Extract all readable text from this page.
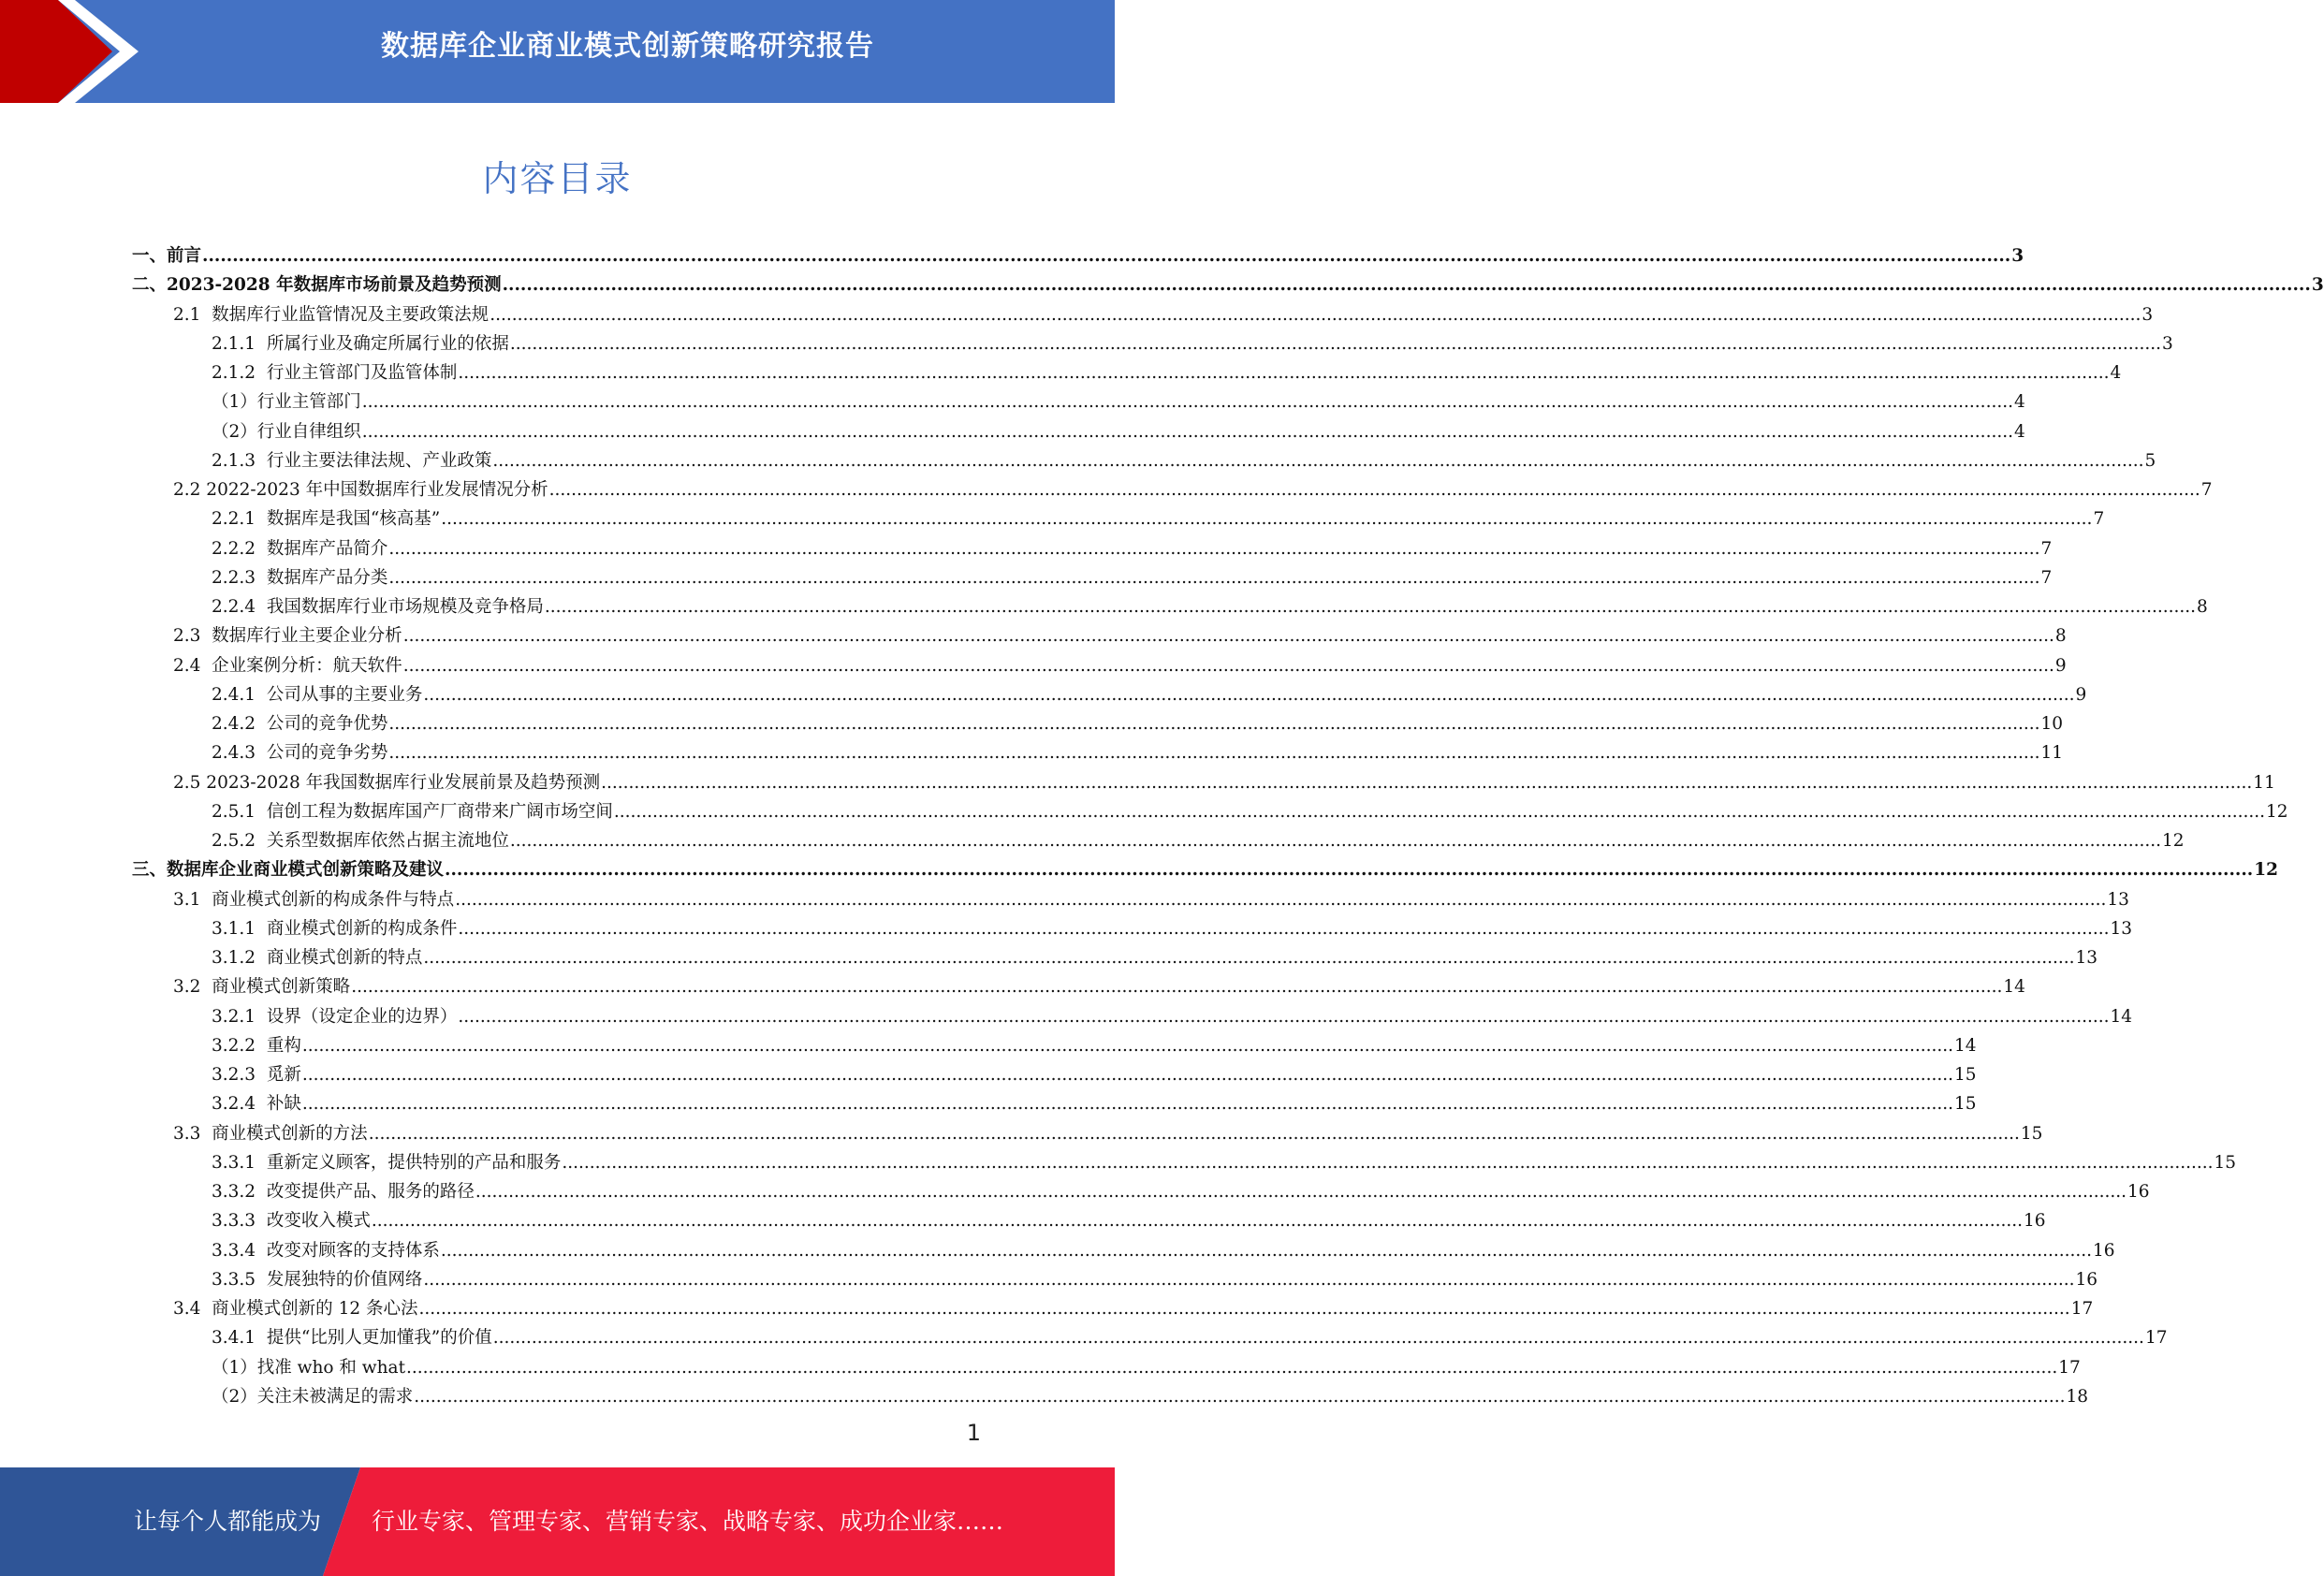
数据库企业商业模式创新策略研究报告
内容目录
一、前言 ............................................................................................................................................................................................................................................................................................................ 3
二、2023-2028 年数据库市场前景及趋势预测 ............................................................................................................................................................................................................................................................................................................ 3
2.1  数据库行业监管情况及主要政策法规 ............................................................................................................................................................................................................................................................................................................ 3
2.1.1  所属行业及确定所属行业的依据 ............................................................................................................................................................................................................................................................................................................ 3
2.1.2  行业主管部门及监管体制 ............................................................................................................................................................................................................................................................................................................ 4
（1）行业主管部门 ............................................................................................................................................................................................................................................................................................................ 4
（2）行业自律组织 ............................................................................................................................................................................................................................................................................................................ 4
2.1.3  行业主要法律法规、产业政策 ............................................................................................................................................................................................................................................................................................................ 5
2.2 2022-2023 年中国数据库行业发展情况分析 ............................................................................................................................................................................................................................................................................................................ 7
2.2.1  数据库是我国“核高基” ............................................................................................................................................................................................................................................................................................................ 7
2.2.2  数据库产品简介 ............................................................................................................................................................................................................................................................................................................ 7
2.2.3  数据库产品分类 ............................................................................................................................................................................................................................................................................................................ 7
2.2.4  我国数据库行业市场规模及竞争格局 ............................................................................................................................................................................................................................................................................................................ 8
2.3  数据库行业主要企业分析 ............................................................................................................................................................................................................................................................................................................ 8
2.4  企业案例分析：航天软件 ............................................................................................................................................................................................................................................................................................................ 9
2.4.1  公司从事的主要业务 ............................................................................................................................................................................................................................................................................................................ 9
2.4.2  公司的竞争优势 ............................................................................................................................................................................................................................................................................................................ 10
2.4.3  公司的竞争劣势 ............................................................................................................................................................................................................................................................................................................ 11
2.5 2023-2028 年我国数据库行业发展前景及趋势预测 ............................................................................................................................................................................................................................................................................................................ 11
2.5.1  信创工程为数据库国产厂商带来广阔市场空间 ............................................................................................................................................................................................................................................................................................................ 12
2.5.2  关系型数据库依然占据主流地位 ............................................................................................................................................................................................................................................................................................................ 12
三、数据库企业商业模式创新策略及建议 ............................................................................................................................................................................................................................................................................................................ 12
3.1  商业模式创新的构成条件与特点 ............................................................................................................................................................................................................................................................................................................ 13
3.1.1  商业模式创新的构成条件 ............................................................................................................................................................................................................................................................................................................ 13
3.1.2  商业模式创新的特点 ............................................................................................................................................................................................................................................................................................................ 13
3.2  商业模式创新策略 ............................................................................................................................................................................................................................................................................................................ 14
3.2.1  设界（设定企业的边界） ............................................................................................................................................................................................................................................................................................................ 14
3.2.2  重构 ............................................................................................................................................................................................................................................................................................................ 14
3.2.3  觅新 ............................................................................................................................................................................................................................................................................................................ 15
3.2.4  补缺 ............................................................................................................................................................................................................................................................................................................ 15
3.3  商业模式创新的方法 ............................................................................................................................................................................................................................................................................................................ 15
3.3.1  重新定义顾客，提供特别的产品和服务 ............................................................................................................................................................................................................................................................................................................ 15
3.3.2  改变提供产品、服务的路径 ............................................................................................................................................................................................................................................................................................................ 16
3.3.3  改变收入模式 ............................................................................................................................................................................................................................................................................................................ 16
3.3.4  改变对顾客的支持体系 ............................................................................................................................................................................................................................................................................................................ 16
3.3.5  发展独特的价值网络 ............................................................................................................................................................................................................................................................................................................ 16
3.4  商业模式创新的 12 条心法 ............................................................................................................................................................................................................................................................................................................ 17
3.4.1  提供“比别人更加懂我”的价值 ............................................................................................................................................................................................................................................................................................................ 17
（1）找准 who 和 what ............................................................................................................................................................................................................................................................................................................ 17
（2）关注未被满足的需求 ............................................................................................................................................................................................................................................................................................................ 18
1
让每个人都能成为 行业专家、管理专家、营销专家、战略专家、成功企业家……
